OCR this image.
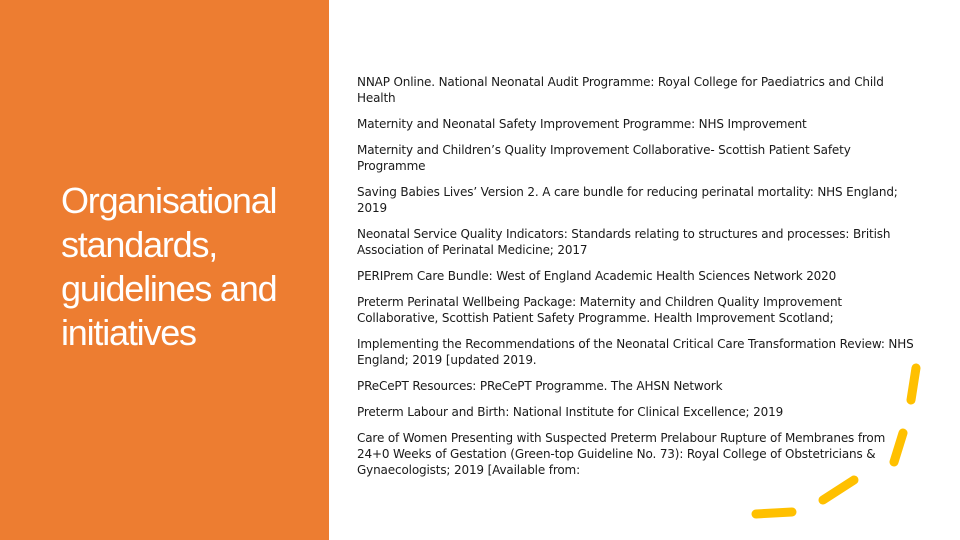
Organisational
standards,
guidelines and
initiatives
NNAP Online. National Neonatal Audit Programme: Royal College for Paediatrics and Child Health
Maternity and Neonatal Safety Improvement Programme: NHS Improvement
Maternity and Children’s Quality Improvement Collaborative- Scottish Patient Safety Programme
Saving Babies Lives’ Version 2. A care bundle for reducing perinatal mortality: NHS England; 2019
Neonatal Service Quality Indicators: Standards relating to structures and processes: British Association of Perinatal Medicine; 2017
PERIPrem Care Bundle: West of England Academic Health Sciences Network 2020
Preterm Perinatal Wellbeing Package: Maternity and Children Quality Improvement Collaborative, Scottish Patient Safety Programme. Health Improvement Scotland;
Implementing the Recommendations of the Neonatal Critical Care Transformation Review: NHS England; 2019 [updated 2019.
PReCePT Resources: PReCePT Programme. The AHSN Network
Preterm Labour and Birth: National Institute for Clinical Excellence; 2019
Care of Women Presenting with Suspected Preterm Prelabour Rupture of Membranes from 24+0 Weeks of Gestation (Green-top Guideline No. 73): Royal College of Obstetricians & Gynaecologists; 2019 [Available from:
